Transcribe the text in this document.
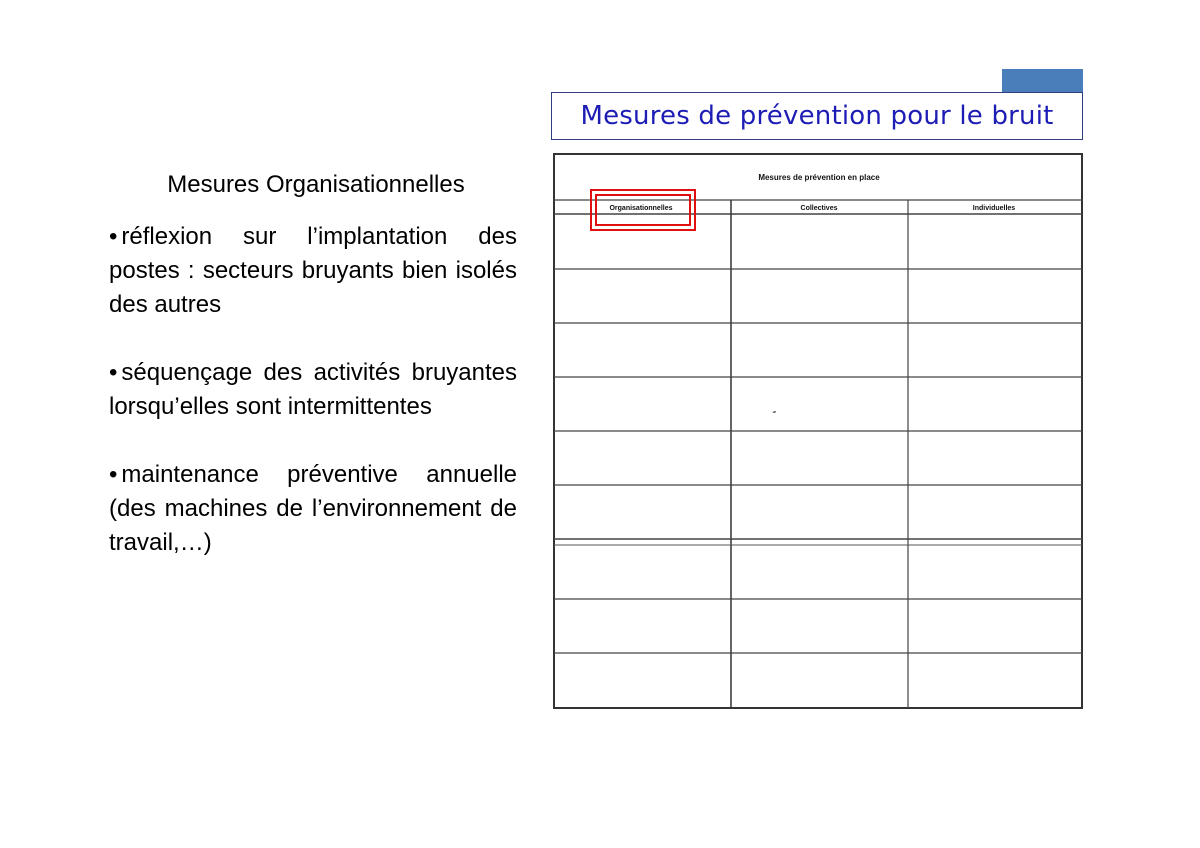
Mesures de prévention pour le bruit
Mesures Organisationnelles
• réflexion sur l’implantation des postes : secteurs bruyants bien isolés des autres
• séquençage des activités bruyantes lorsqu’elles sont intermittentes
• maintenance préventive annuelle (des machines de l’environnement de travail,…)
Mesures de prévention en place
Organisationnelles	Collectives	Individuelles
